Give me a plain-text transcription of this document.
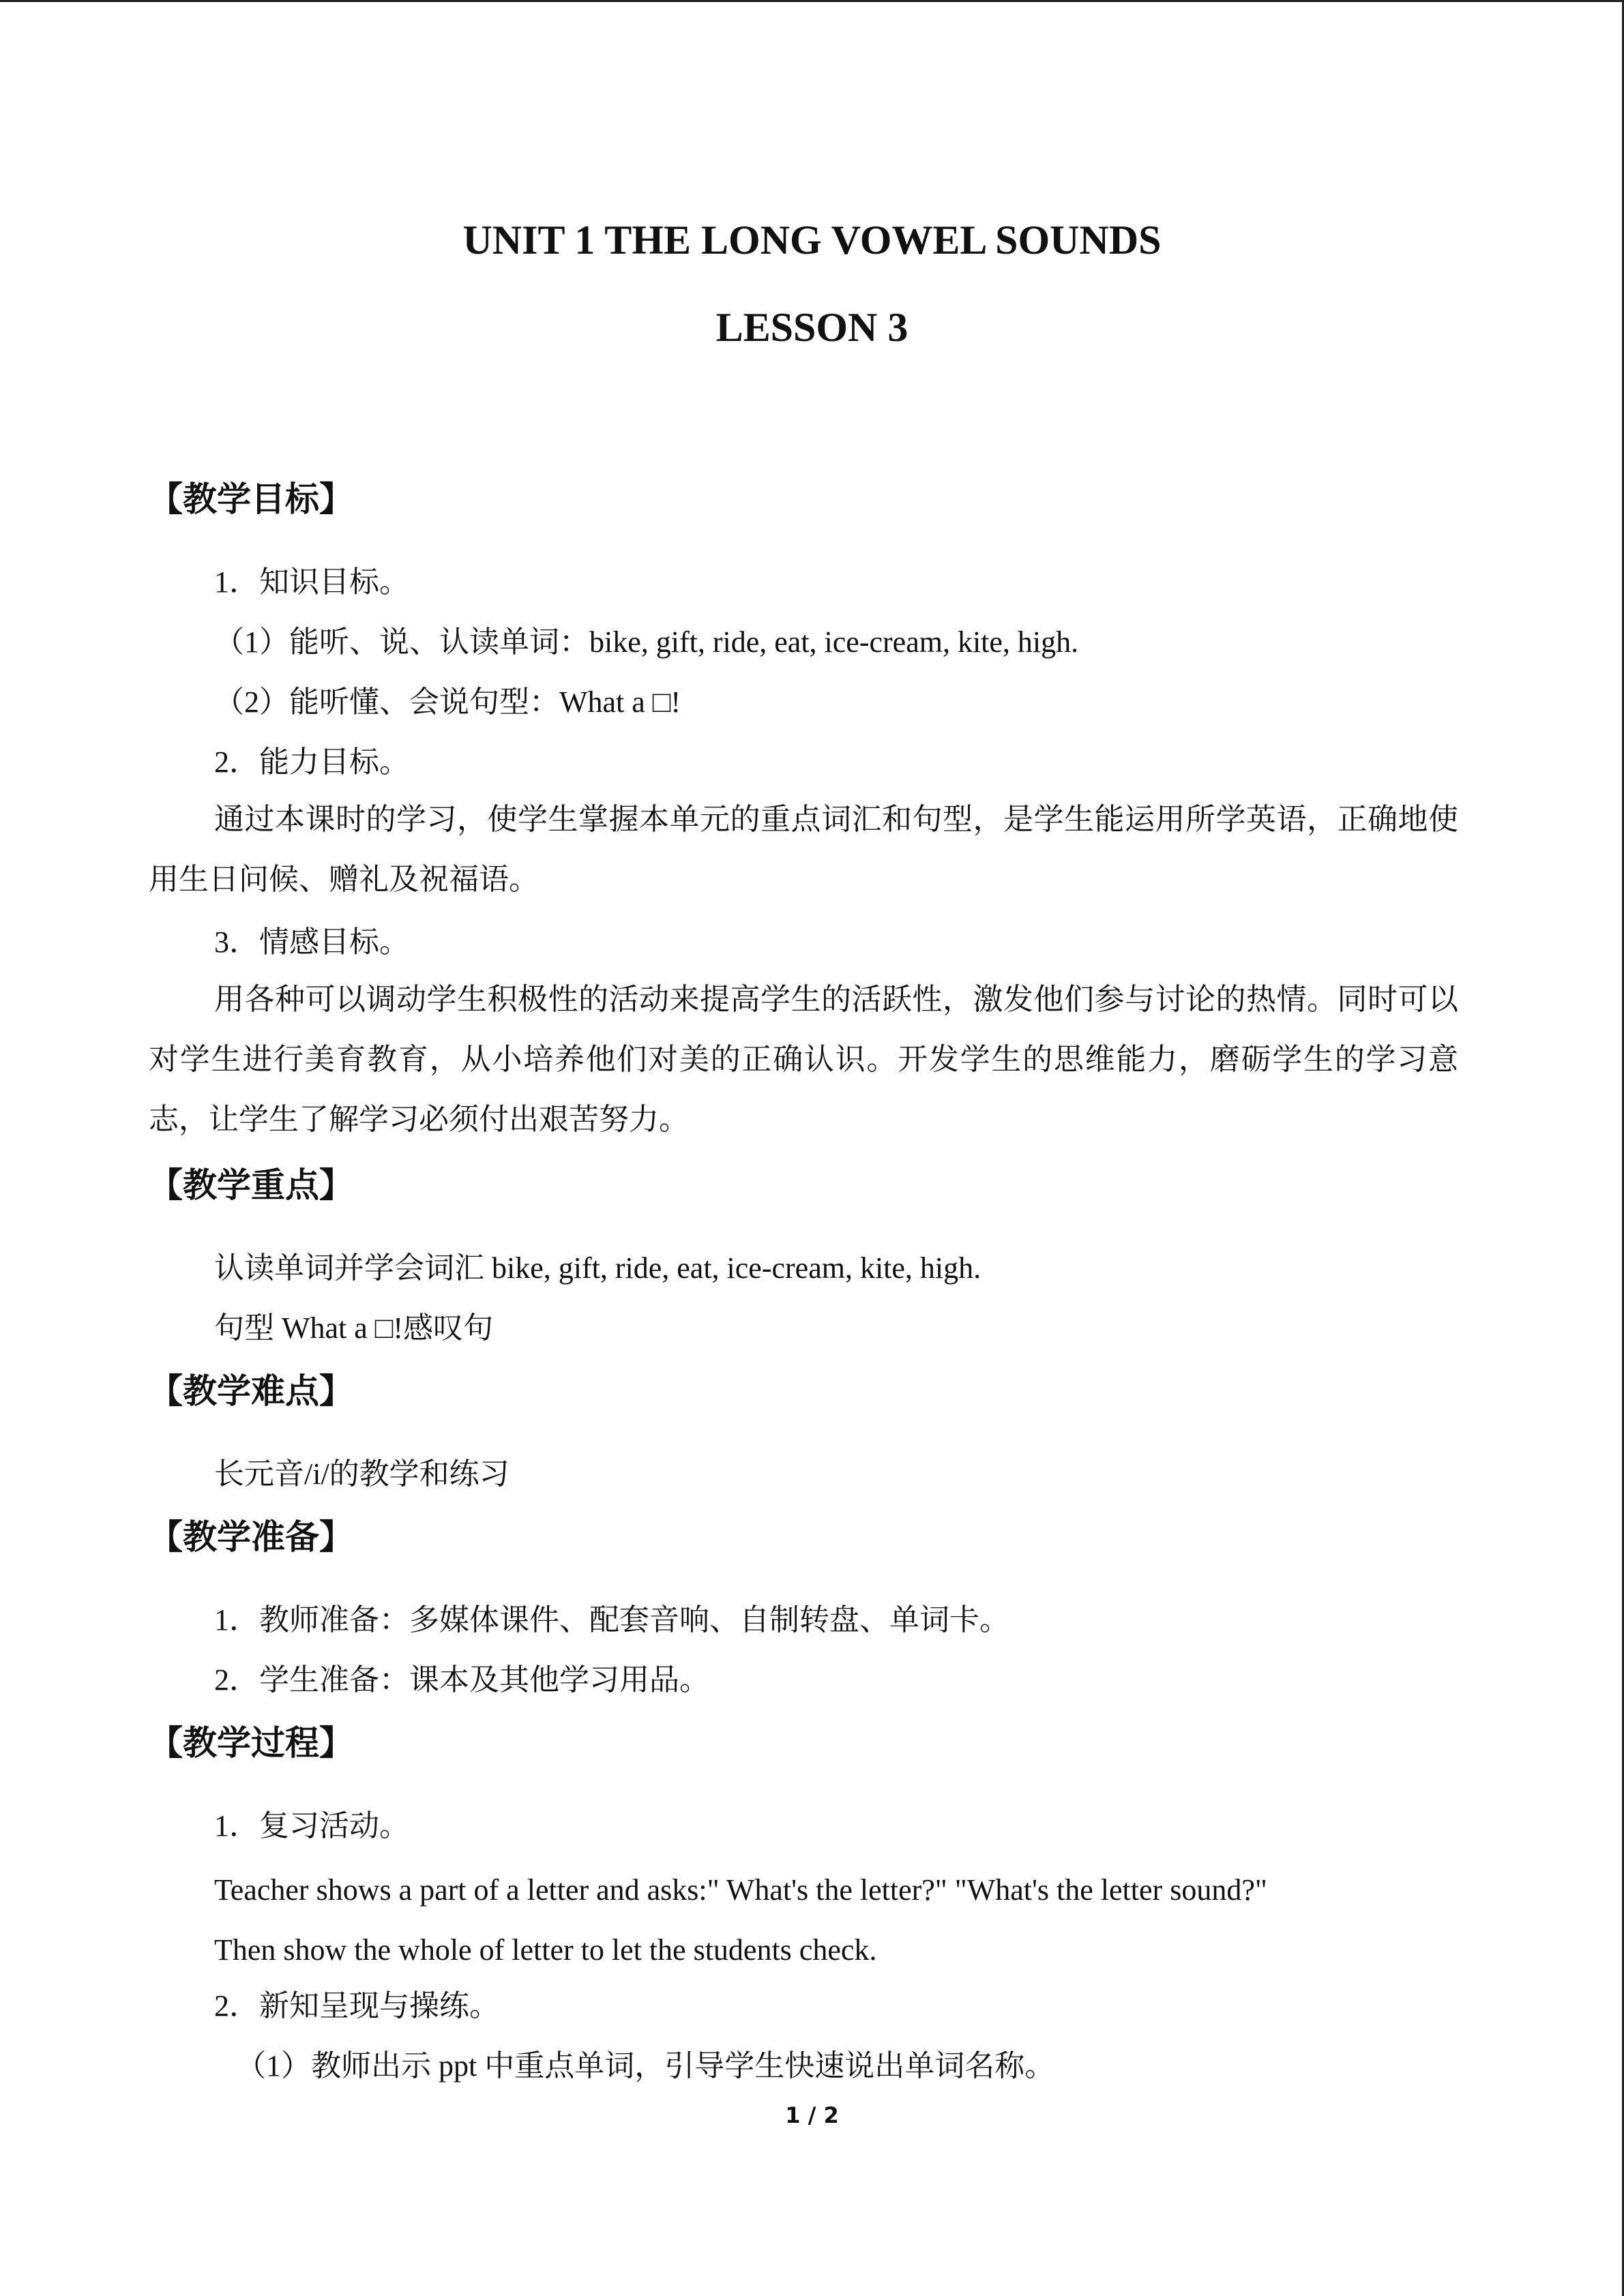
UNIT 1 THE LONG VOWEL SOUNDS
LESSON 3
【教学目标】
1．知识目标。
（1）能听、说、认读单词：bike, gift, ride, eat, ice-cream, kite, high.
（2）能听懂、会说句型：What a □!
2．能力目标。

通过本课时的学习，使学生掌握本单元的重点词汇和句型，是学生能运用所学英语，正确地使用生日问候、赠礼及祝福语。

3．情感目标。

用各种可以调动学生积极性的活动来提高学生的活跃性，激发他们参与讨论的热情。同时可以对学生进行美育教育，从小培养他们对美的正确认识。开发学生的思维能力，磨砺学生的学习意志，让学生了解学习必须付出艰苦努力。

【教学重点】
认读单词并学会词汇 bike, gift, ride, eat, ice-cream, kite, high.
句型 What a □!感叹句
【教学难点】
长元音/i/的教学和练习
【教学准备】
1．教师准备：多媒体课件、配套音响、自制转盘、单词卡。
2．学生准备：课本及其他学习用品。
【教学过程】
1．复习活动。
Teacher shows a part of a letter and asks:" What's the letter?" "What's the letter sound?"
Then show the whole of letter to let the students check.
2．新知呈现与操练。
（1）教师出示 ppt 中重点单词，引导学生快速说出单词名称。
1 / 2
